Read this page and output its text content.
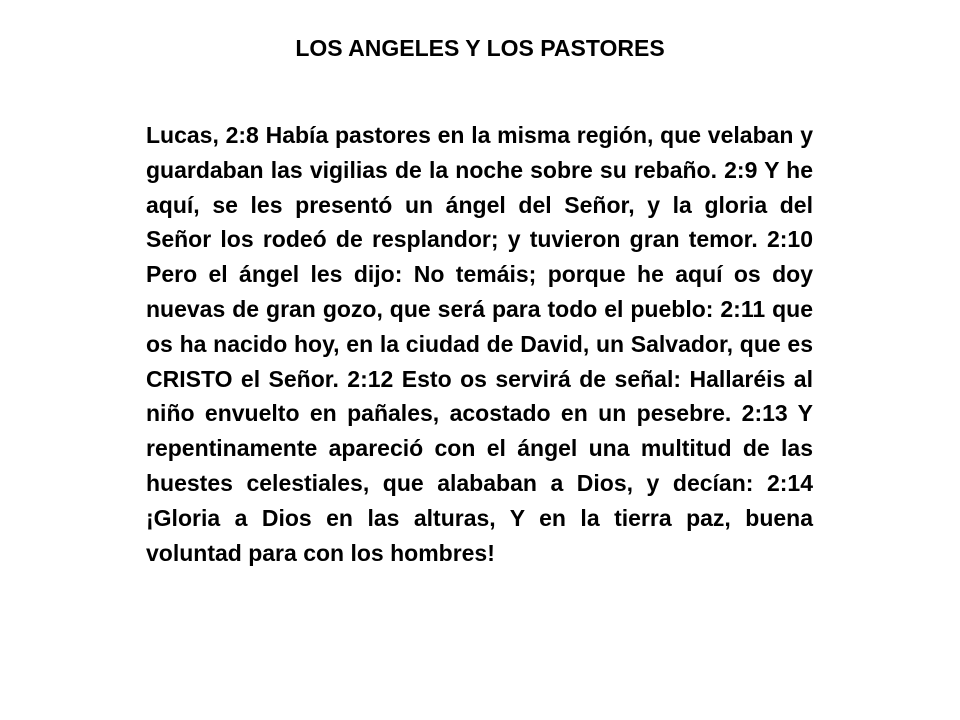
LOS ANGELES Y LOS PASTORES

Lucas, 2:8 Había pastores en la misma región, que velaban y guardaban las vigilias de la noche sobre su rebaño. 2:9 Y he aquí, se les presentó un ángel del Señor, y la gloria del Señor los rodeó de resplandor; y tuvieron gran temor. 2:10 Pero el ángel les dijo: No temáis; porque he aquí os doy nuevas de gran gozo, que será para todo el pueblo: 2:11 que os ha nacido hoy, en la ciudad de David, un Salvador, que es CRISTO el Señor. 2:12 Esto os servirá de señal: Hallaréis al niño envuelto en pañales, acostado en un pesebre. 2:13 Y repentinamente apareció con el ángel una multitud de las huestes celestiales, que alababan a Dios, y decían: 2:14 ¡Gloria a Dios en las alturas, Y en la tierra paz, buena voluntad para con los hombres!
